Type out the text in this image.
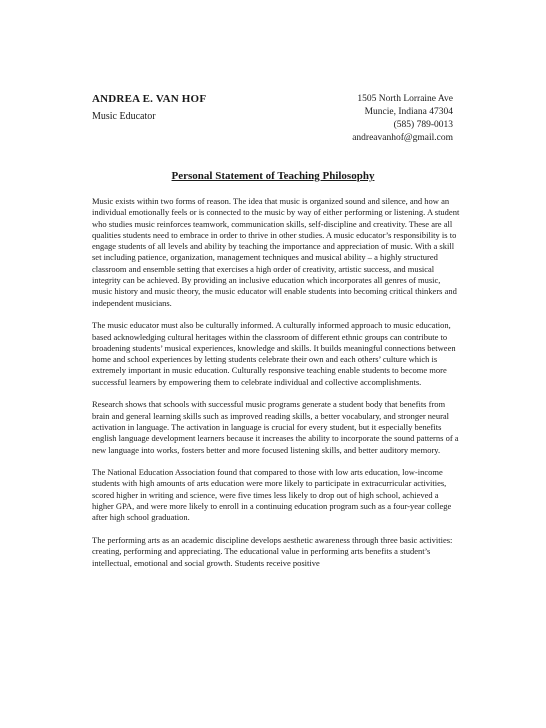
ANDREA E. VAN HOF
Music Educator
1505 North Lorraine Ave
Muncie, Indiana 47304
(585) 789-0013
andreavanhof@gmail.com
Personal Statement of Teaching Philosophy

Music exists within two forms of reason. The idea that music is organized sound and silence, and how an individual emotionally feels or is connected to the music by way of either performing or listening. A student who studies music reinforces teamwork, communication skills, self-discipline and creativity. These are all qualities students need to embrace in order to thrive in other studies. A music educator’s responsibility is to engage students of all levels and ability by teaching the importance and appreciation of music. With a skill set including patience, organization, management techniques and musical ability – a highly structured classroom and ensemble setting that exercises a high order of creativity, artistic success, and musical integrity can be achieved. By providing an inclusive education which incorporates all genres of music, music history and music theory, the music educator will enable students into becoming critical thinkers and independent musicians.

The music educator must also be culturally informed. A culturally informed approach to music education, based acknowledging cultural heritages within the classroom of different ethnic groups can contribute to broadening students’ musical experiences, knowledge and skills. It builds meaningful connections between home and school experiences by letting students celebrate their own and each others’ culture which is extremely important in music education. Culturally responsive teaching enable students to become more successful learners by empowering them to celebrate individual and collective accomplishments.

Research shows that schools with successful music programs generate a student body that benefits from brain and general learning skills such as improved reading skills, a better vocabulary, and stronger neural activation in language. The activation in language is crucial for every student, but it especially benefits english language development learners because it increases the ability to incorporate the sound patterns of a new language into works, fosters better and more focused listening skills, and better auditory memory.

The National Education Association found that compared to those with low arts education, low-income students with high amounts of arts education were more likely to participate in extracurricular activities, scored higher in writing and science, were five times less likely to drop out of high school, achieved a higher GPA, and were more likely to enroll in a continuing education program such as a four-year college after high school graduation.

The performing arts as an academic discipline develops aesthetic awareness through three basic activities: creating, performing and appreciating. The educational value in performing arts benefits a student’s intellectual, emotional and social growth. Students receive positive
